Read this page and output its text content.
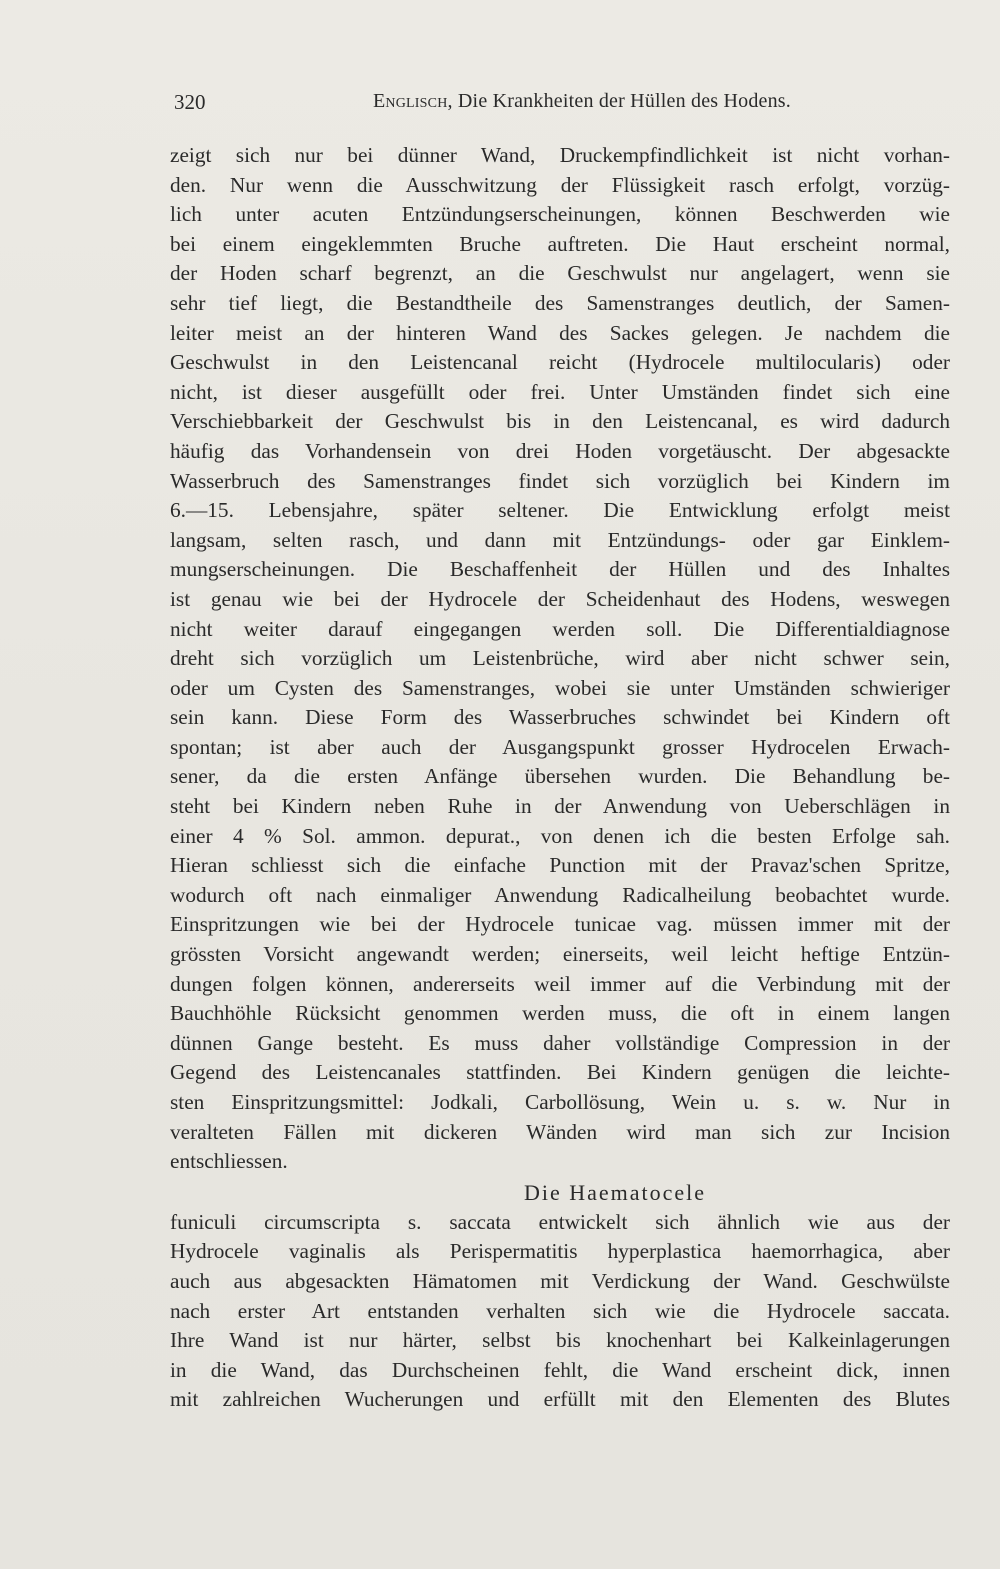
320	Englisch, Die Krankheiten der Hüllen des Hodens.
zeigt sich nur bei dünner Wand, Druckempfindlichkeit ist nicht vorhan-
den. Nur wenn die Ausschwitzung der Flüssigkeit rasch erfolgt, vorzüg-
lich unter acuten Entzündungserscheinungen, können Beschwerden wie
bei einem eingeklemmten Bruche auftreten. Die Haut erscheint normal,
der Hoden scharf begrenzt, an die Geschwulst nur angelagert, wenn sie
sehr tief liegt, die Bestandtheile des Samenstranges deutlich, der Samen-
leiter meist an der hinteren Wand des Sackes gelegen. Je nachdem die
Geschwulst in den Leistencanal reicht (Hydrocele multilocularis) oder
nicht, ist dieser ausgefüllt oder frei. Unter Umständen findet sich eine
Verschiebbarkeit der Geschwulst bis in den Leistencanal, es wird dadurch
häufig das Vorhandensein von drei Hoden vorgetäuscht. Der abgesackte
Wasserbruch des Samenstranges findet sich vorzüglich bei Kindern im
6.—15. Lebensjahre, später seltener. Die Entwicklung erfolgt meist
langsam, selten rasch, und dann mit Entzündungs- oder gar Einklem-
mungserscheinungen. Die Beschaffenheit der Hüllen und des Inhaltes
ist genau wie bei der Hydrocele der Scheidenhaut des Hodens, weswegen
nicht weiter darauf eingegangen werden soll. Die Differentialdiagnose
dreht sich vorzüglich um Leistenbrüche, wird aber nicht schwer sein,
oder um Cysten des Samenstranges, wobei sie unter Umständen schwieriger
sein kann. Diese Form des Wasserbruches schwindet bei Kindern oft
spontan; ist aber auch der Ausgangspunkt grosser Hydrocelen Erwach-
sener, da die ersten Anfänge übersehen wurden. Die Behandlung be-
steht bei Kindern neben Ruhe in der Anwendung von Ueberschlägen in
einer 4 % Sol. ammon. depurat., von denen ich die besten Erfolge sah.
Hieran schliesst sich die einfache Punction mit der Pravaz'schen Spritze,
wodurch oft nach einmaliger Anwendung Radicalheilung beobachtet wurde.
Einspritzungen wie bei der Hydrocele tunicae vag. müssen immer mit der
grössten Vorsicht angewandt werden; einerseits, weil leicht heftige Entzün-
dungen folgen können, andererseits weil immer auf die Verbindung mit der
Bauchhöhle Rücksicht genommen werden muss, die oft in einem langen
dünnen Gange besteht. Es muss daher vollständige Compression in der
Gegend des Leistencanales stattfinden. Bei Kindern genügen die leichte-
sten Einspritzungsmittel: Jodkali, Carbollösung, Wein u. s. w. Nur in
veralteten Fällen mit dickeren Wänden wird man sich zur Incision
entschliessen.
Die Haematocele
funiculi circumscripta s. saccata entwickelt sich ähnlich wie aus der
Hydrocele vaginalis als Perispermatitis hyperplastica haemorrhagica, aber
auch aus abgesackten Hämatomen mit Verdickung der Wand. Geschwülste
nach erster Art entstanden verhalten sich wie die Hydrocele saccata.
Ihre Wand ist nur härter, selbst bis knochenhart bei Kalkeinlagerungen
in die Wand, das Durchscheinen fehlt, die Wand erscheint dick, innen
mit zahlreichen Wucherungen und erfüllt mit den Elementen des Blutes
